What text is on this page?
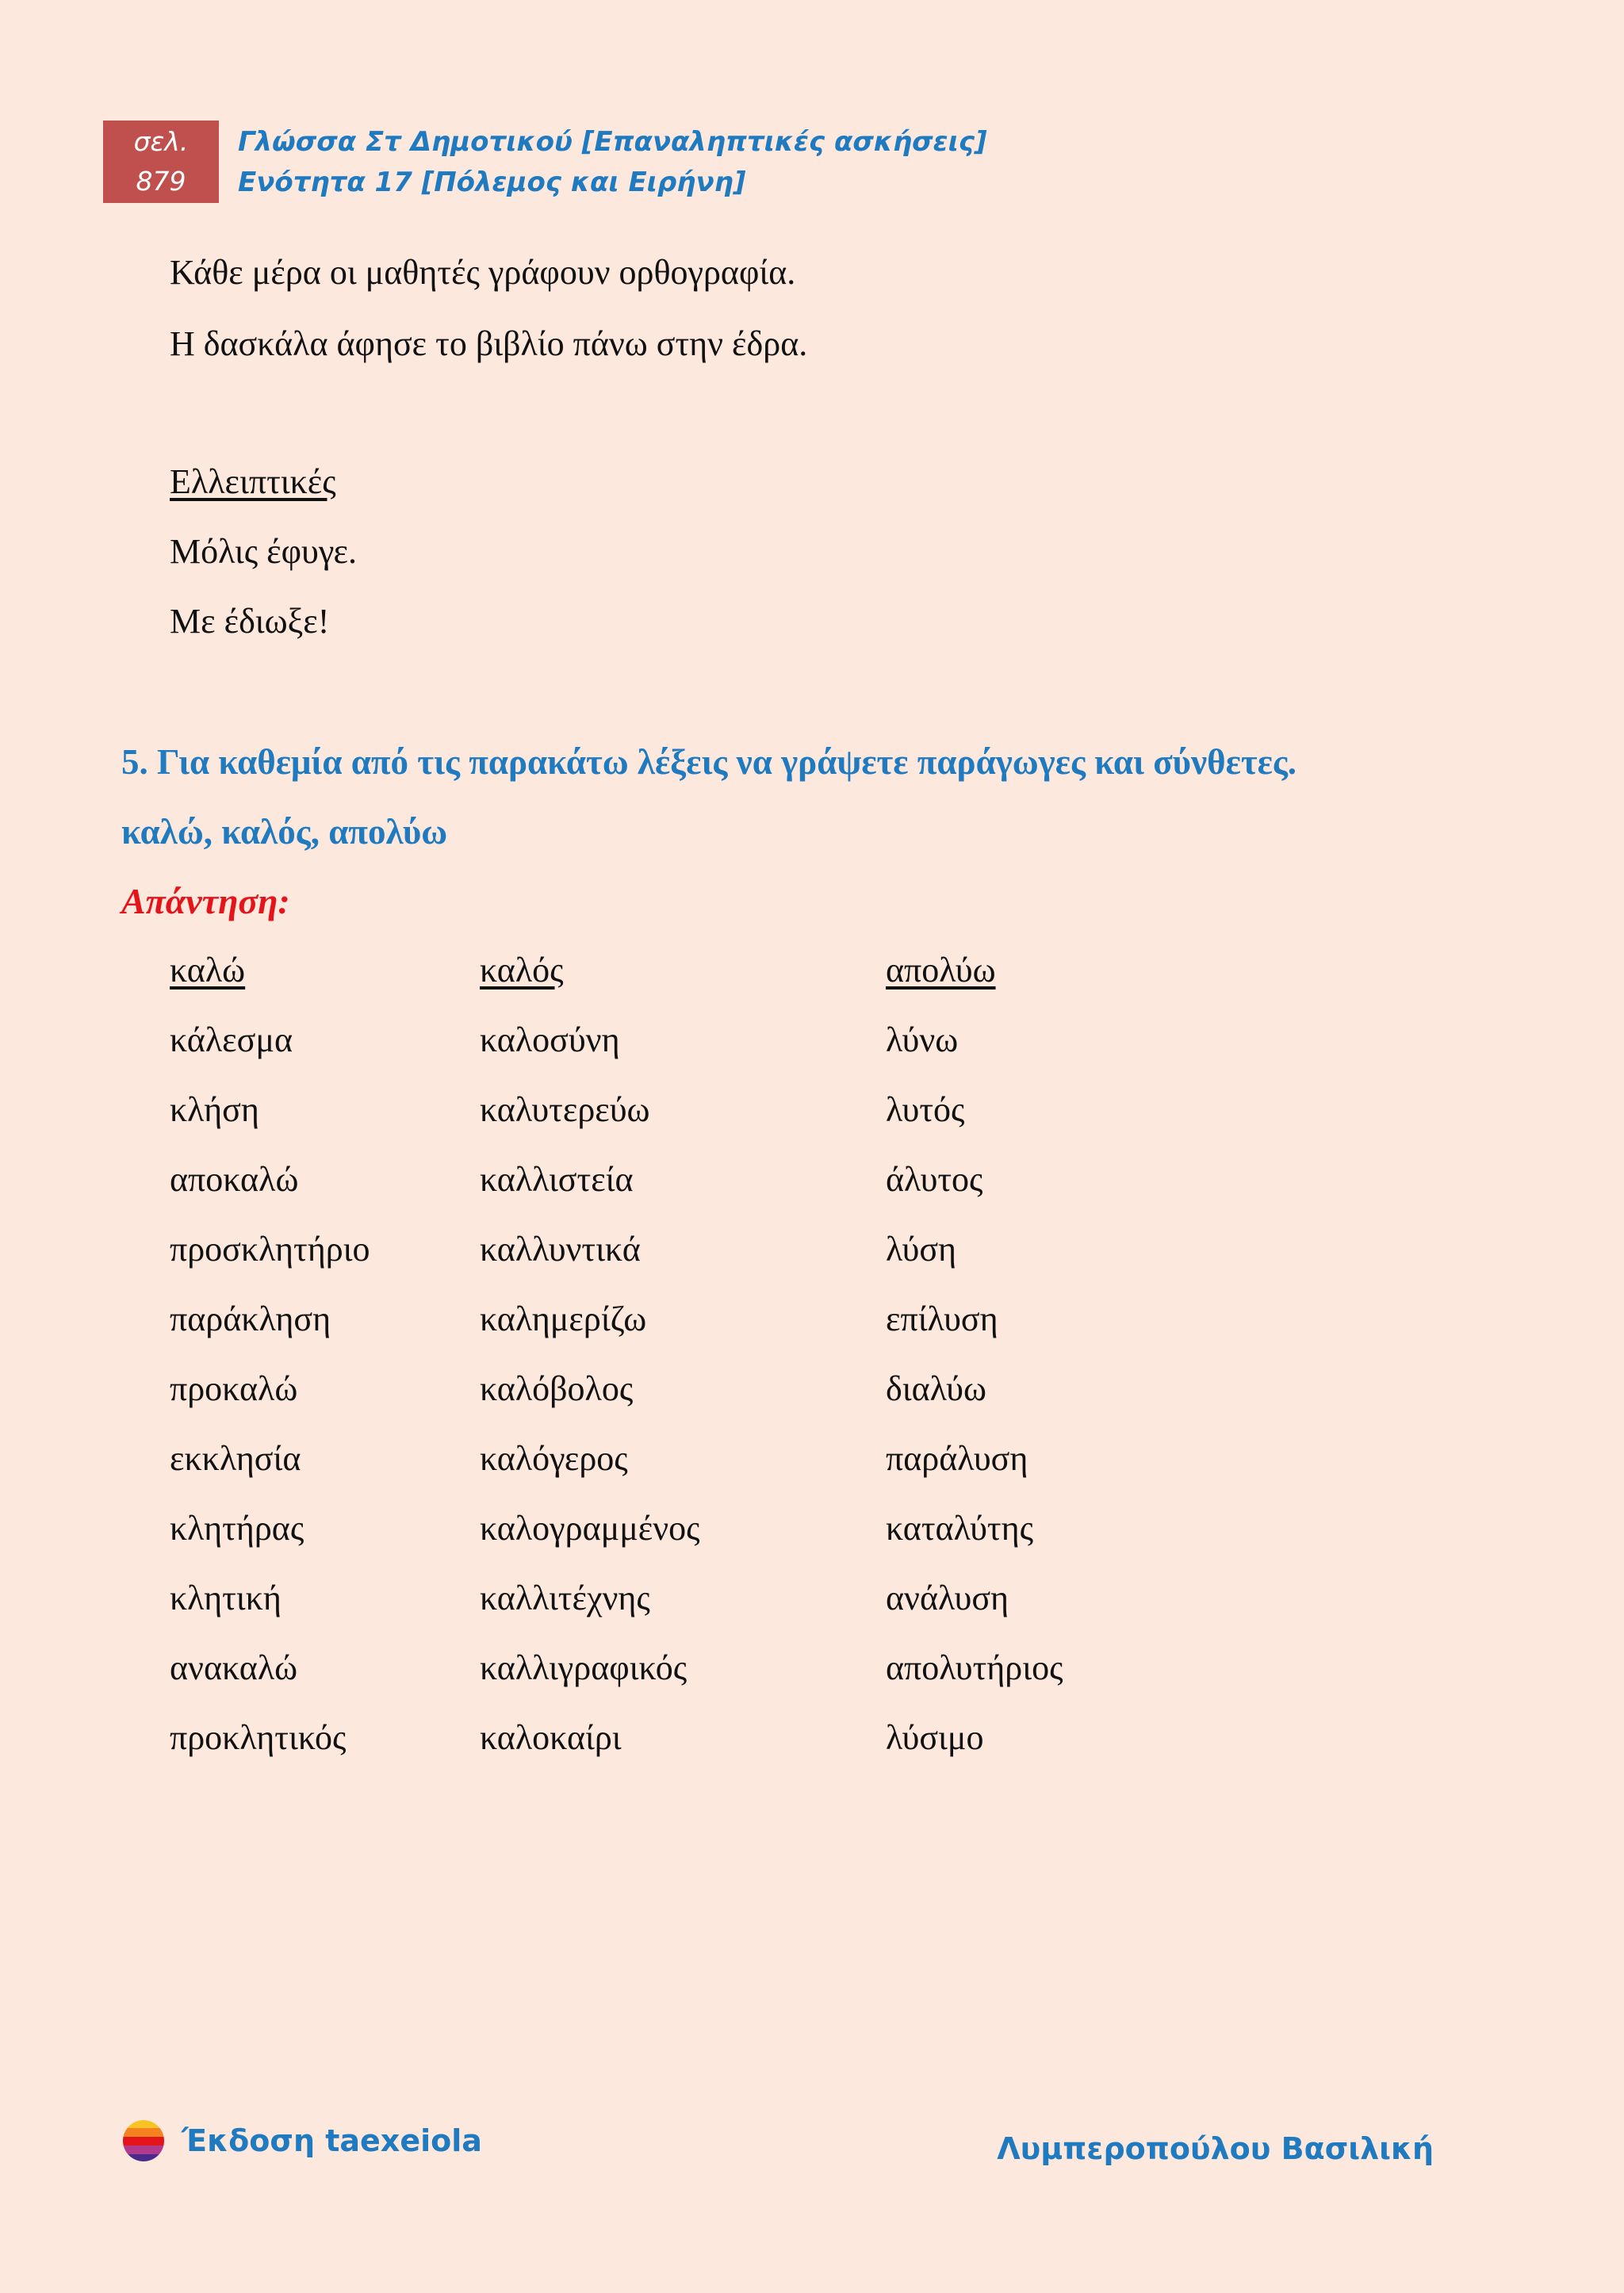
σελ.
879
Γλώσσα Στ Δημοτικού [Επαναληπτικές ασκήσεις]
Ενότητα 17 [Πόλεμος και Ειρήνη]
Κάθε μέρα οι μαθητές γράφουν ορθογραφία.
Η δασκάλα άφησε το βιβλίο πάνω στην έδρα.
Ελλειπτικές
Μόλις έφυγε.
Με έδιωξε!
5. Για καθεμία από τις παρακάτω λέξεις να γράψετε παράγωγες και σύνθετες.
καλώ, καλός, απολύω
Απάντηση:
καλώ
κάλεσμα
κλήση
αποκαλώ
προσκλητήριο
παράκληση
προκαλώ
εκκλησία
κλητήρας
κλητική
ανακαλώ
προκλητικός
καλός
καλοσύνη
καλυτερεύω
καλλιστεία
καλλυντικά
καλημερίζω
καλόβολος
καλόγερος
καλογραμμένος
καλλιτέχνης
καλλιγραφικός
καλοκαίρι
απολύω
λύνω
λυτός
άλυτος
λύση
επίλυση
διαλύω
παράλυση
καταλύτης
ανάλυση
απολυτήριος
λύσιμο
Έκδοση taexeiola	Λυμπεροπούλου Βασιλική
